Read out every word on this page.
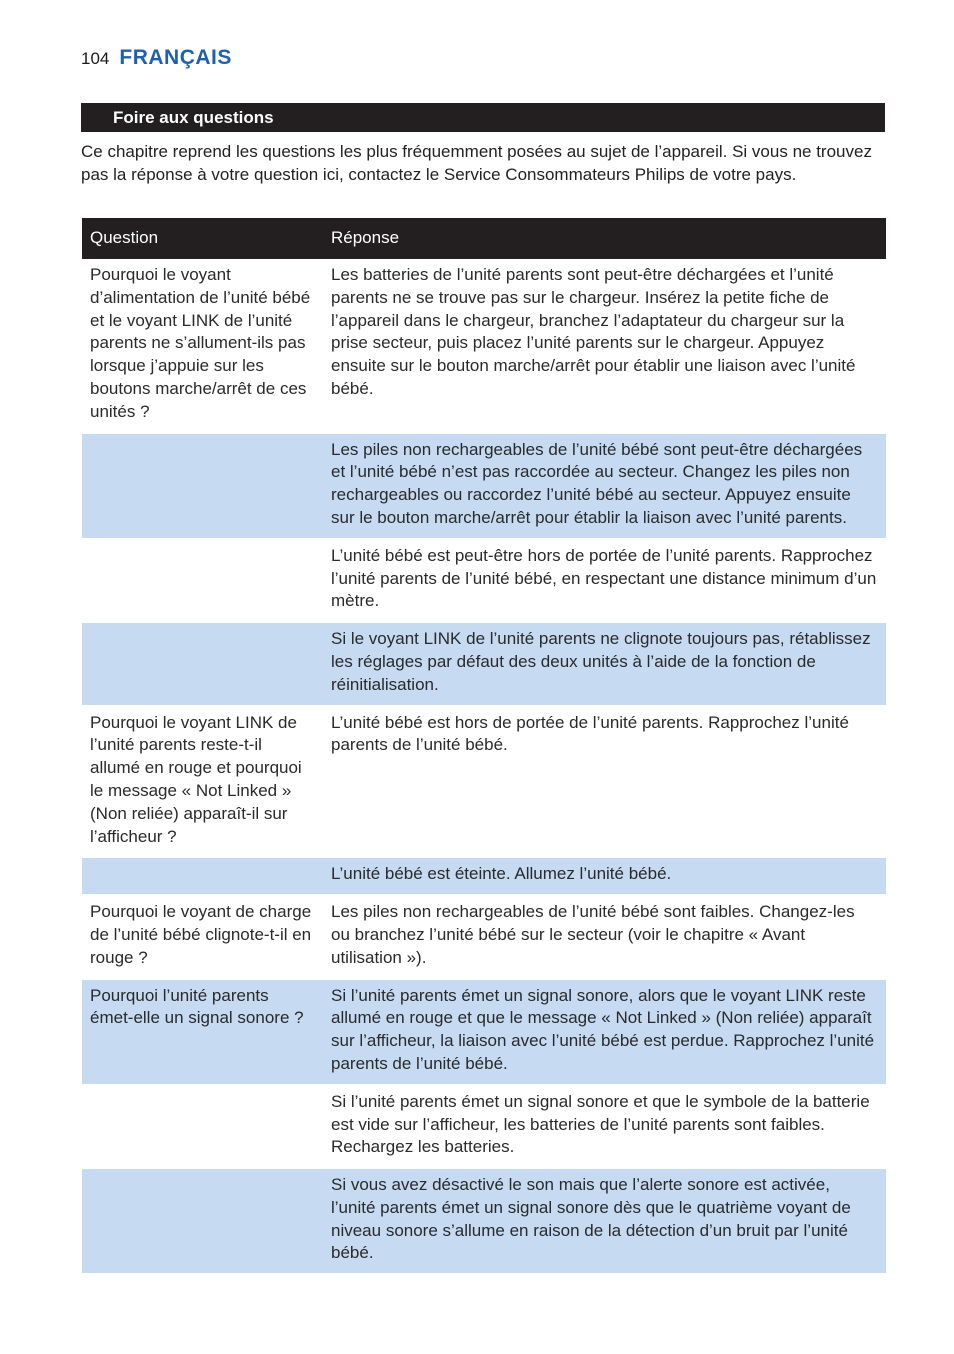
104 FRANÇAIS
Foire aux questions

Ce chapitre reprend les questions les plus fréquemment posées au sujet de l’appareil. Si vous ne trouvez pas la réponse à votre question ici, contactez le Service Consommateurs Philips de votre pays.

Question	Réponse
Pourquoi le voyant d’alimentation de l’unité bébé et le voyant LINK de l’unité parents ne s’allument-ils pas lorsque j’appuie sur les boutons marche/arrêt de ces unités ?	Les batteries de l’unité parents sont peut-être déchargées et l’unité parents ne se trouve pas sur le chargeur. Insérez la petite fiche de l’appareil dans le chargeur, branchez l’adaptateur du chargeur sur la prise secteur, puis placez l’unité parents sur le chargeur. Appuyez ensuite sur le bouton marche/arrêt pour établir une liaison avec l’unité bébé.
	Les piles non rechargeables de l’unité bébé sont peut-être déchargées et l’unité bébé n’est pas raccordée au secteur. Changez les piles non rechargeables ou raccordez l’unité bébé au secteur. Appuyez ensuite sur le bouton marche/arrêt pour établir la liaison avec l’unité parents.
	L’unité bébé est peut-être hors de portée de l’unité parents. Rapprochez l’unité parents de l’unité bébé, en respectant une distance minimum d’un mètre.
	Si le voyant LINK de l’unité parents ne clignote toujours pas, rétablissez les réglages par défaut des deux unités à l’aide de la fonction de réinitialisation.
Pourquoi le voyant LINK de l’unité parents reste-t-il allumé en rouge et pourquoi le message « Not Linked » (Non reliée) apparaît-il sur l’afficheur ?	L’unité bébé est hors de portée de l’unité parents. Rapprochez l’unité parents de l’unité bébé.
	L’unité bébé est éteinte. Allumez l’unité bébé.
Pourquoi le voyant de charge de l’unité bébé clignote-t-il en rouge ?	Les piles non rechargeables de l’unité bébé sont faibles. Changez-les ou branchez l’unité bébé sur le secteur (voir le chapitre « Avant utilisation »).
Pourquoi l’unité parents émet-elle un signal sonore ?	Si l’unité parents émet un signal sonore, alors que le voyant LINK reste allumé en rouge et que le message « Not Linked » (Non reliée) apparaît sur l’afficheur, la liaison avec l’unité bébé est perdue. Rapprochez l’unité parents de l’unité bébé.
	Si l’unité parents émet un signal sonore et que le symbole de la batterie est vide sur l’afficheur, les batteries de l’unité parents sont faibles. Rechargez les batteries.
	Si vous avez désactivé le son mais que l’alerte sonore est activée, l’unité parents émet un signal sonore dès que le quatrième voyant de niveau sonore s’allume en raison de la détection d’un bruit par l’unité bébé.
